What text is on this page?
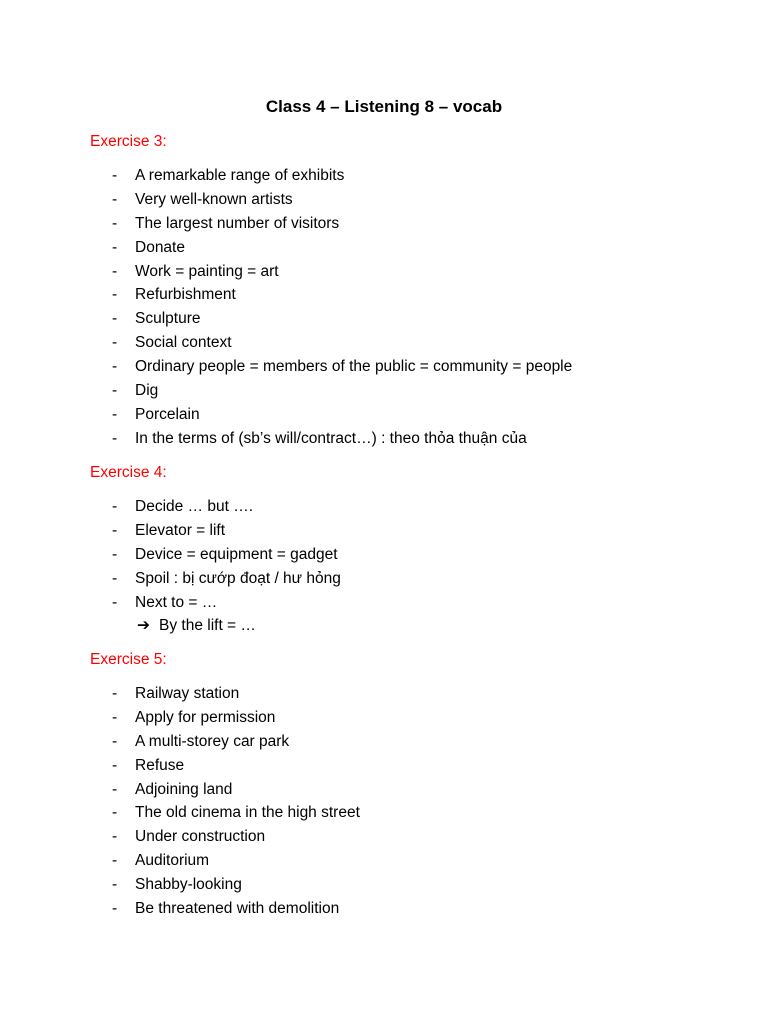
Class 4 – Listening 8 – vocab
Exercise 3:
- A remarkable range of exhibits
- Very well-known artists
- The largest number of visitors
- Donate
- Work = painting = art
- Refurbishment
- Sculpture
- Social context
- Ordinary people = members of the public = community = people
- Dig
- Porcelain
- In the terms of (sb’s will/contract…) : theo thỏa thuận của
Exercise 4:
- Decide … but ….
- Elevator = lift
- Device = equipment = gadget
- Spoil : bị cướp đoạt / hư hỏng
- Next to = …
➔ By the lift = …
Exercise 5:
- Railway station
- Apply for permission
- A multi-storey car park
- Refuse
- Adjoining land
- The old cinema in the high street
- Under construction
- Auditorium
- Shabby-looking
- Be threatened with demolition
